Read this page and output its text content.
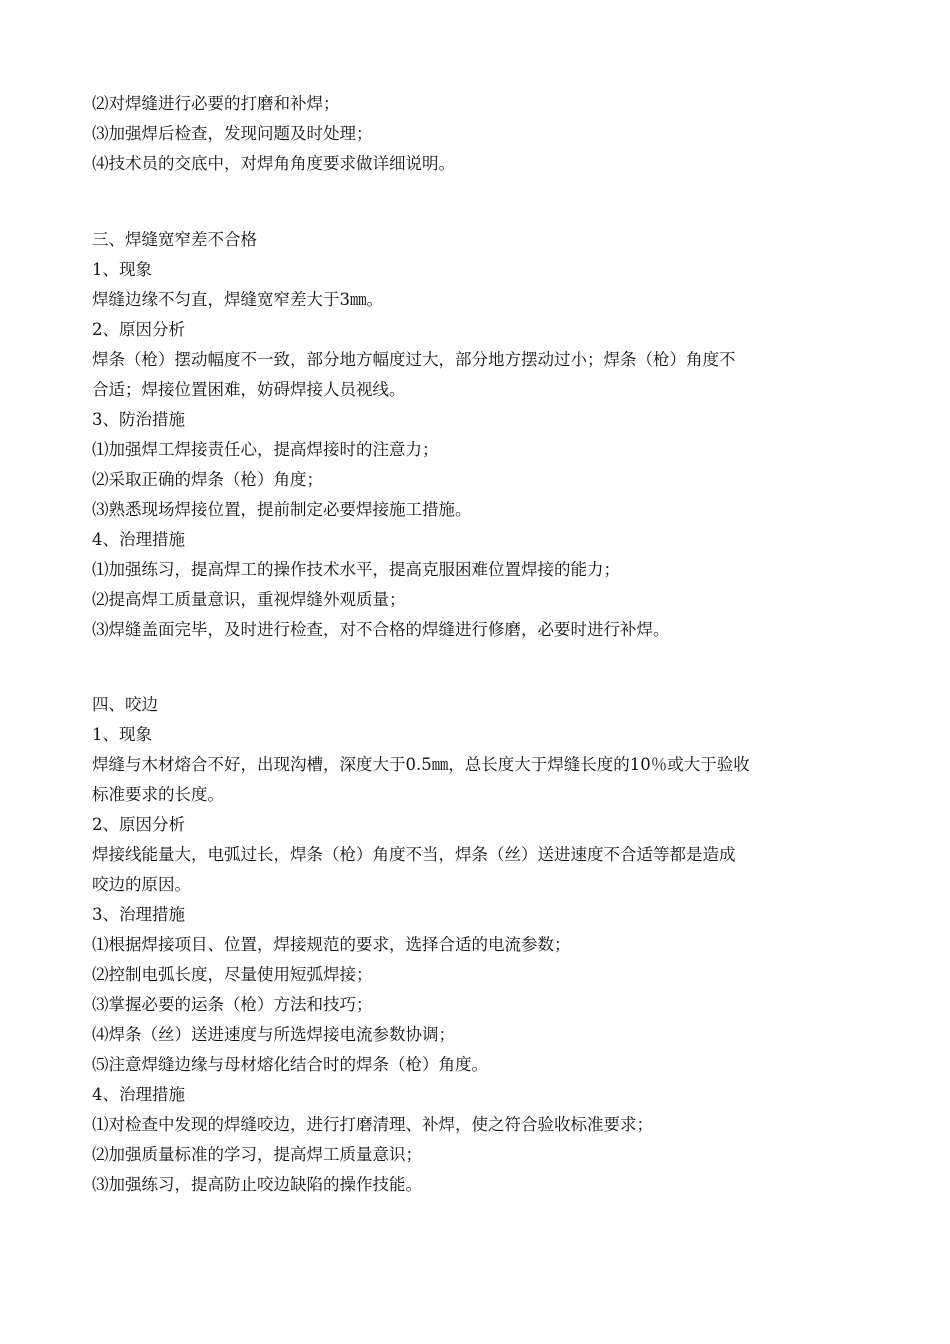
⑵对焊缝进行必要的打磨和补焊；
⑶加强焊后检查，发现问题及时处理；
⑷技术员的交底中，对焊角角度要求做详细说明。
三、焊缝宽窄差不合格
1、现象
焊缝边缘不匀直，焊缝宽窄差大于3㎜。
2、原因分析
焊条（枪）摆动幅度不一致，部分地方幅度过大，部分地方摆动过小；焊条（枪）角度不
合适；焊接位置困难，妨碍焊接人员视线。
3、防治措施
⑴加强焊工焊接责任心，提高焊接时的注意力；
⑵采取正确的焊条（枪）角度；
⑶熟悉现场焊接位置，提前制定必要焊接施工措施。
4、治理措施
⑴加强练习，提高焊工的操作技术水平，提高克服困难位置焊接的能力；
⑵提高焊工质量意识，重视焊缝外观质量；
⑶焊缝盖面完毕，及时进行检查，对不合格的焊缝进行修磨，必要时进行补焊。
四、咬边
1、现象
焊缝与木材熔合不好，出现沟槽，深度大于0.5㎜，总长度大于焊缝长度的10％或大于验收
标准要求的长度。
2、原因分析
焊接线能量大，电弧过长，焊条（枪）角度不当，焊条（丝）送进速度不合适等都是造成
咬边的原因。
3、治理措施
⑴根据焊接项目、位置，焊接规范的要求，选择合适的电流参数；
⑵控制电弧长度，尽量使用短弧焊接；
⑶掌握必要的运条（枪）方法和技巧；
⑷焊条（丝）送进速度与所选焊接电流参数协调；
⑸注意焊缝边缘与母材熔化结合时的焊条（枪）角度。
4、治理措施
⑴对检查中发现的焊缝咬边，进行打磨清理、补焊，使之符合验收标准要求；
⑵加强质量标准的学习，提高焊工质量意识；
⑶加强练习，提高防止咬边缺陷的操作技能。
